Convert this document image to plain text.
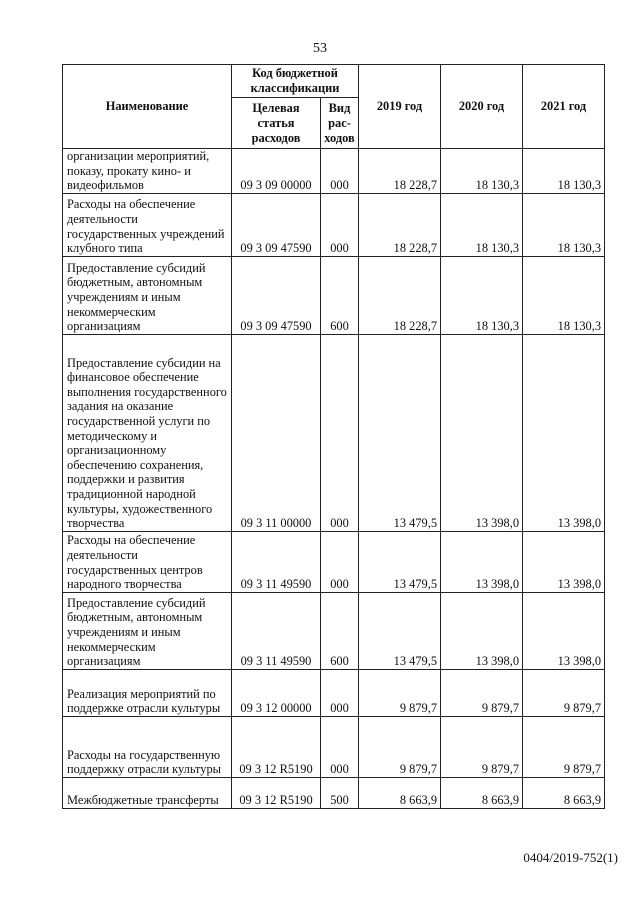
53
Наименование	Код бюджетной классификации		2019 год	2020 год	2021 год
	Целевая статья расходов	Вид рас-ходов			
организации мероприятий, показу, прокату кино- и видеофильмов	09 3 09 00000	000	18 228,7	18 130,3	18 130,3
Расходы на обеспечение деятельности государственных учреждений клубного типа	09 3 09 47590	000	18 228,7	18 130,3	18 130,3
Предоставление субсидий бюджетным, автономным учреждениям и иным некоммерческим организациям	09 3 09 47590	600	18 228,7	18 130,3	18 130,3
Предоставление субсидии на финансовое обеспечение выполнения государственного задания на оказание государственной услуги по методическому и организационному обеспечению сохранения, поддержки и развития традиционной народной культуры, художественного творчества	09 3 11 00000	000	13 479,5	13 398,0	13 398,0
Расходы на обеспечение деятельности государственных центров народного творчества	09 3 11 49590	000	13 479,5	13 398,0	13 398,0
Предоставление субсидий бюджетным, автономным учреждениям и иным некоммерческим организациям	09 3 11 49590	600	13 479,5	13 398,0	13 398,0
Реализация мероприятий по поддержке отрасли культуры	09 3 12 00000	000	9 879,7	9 879,7	9 879,7
Расходы на государственную поддержку отрасли культуры	09 3 12 R5190	000	9 879,7	9 879,7	9 879,7
Межбюджетные трансферты	09 3 12 R5190	500	8 663,9	8 663,9	8 663,9
0404/2019-752(1)
